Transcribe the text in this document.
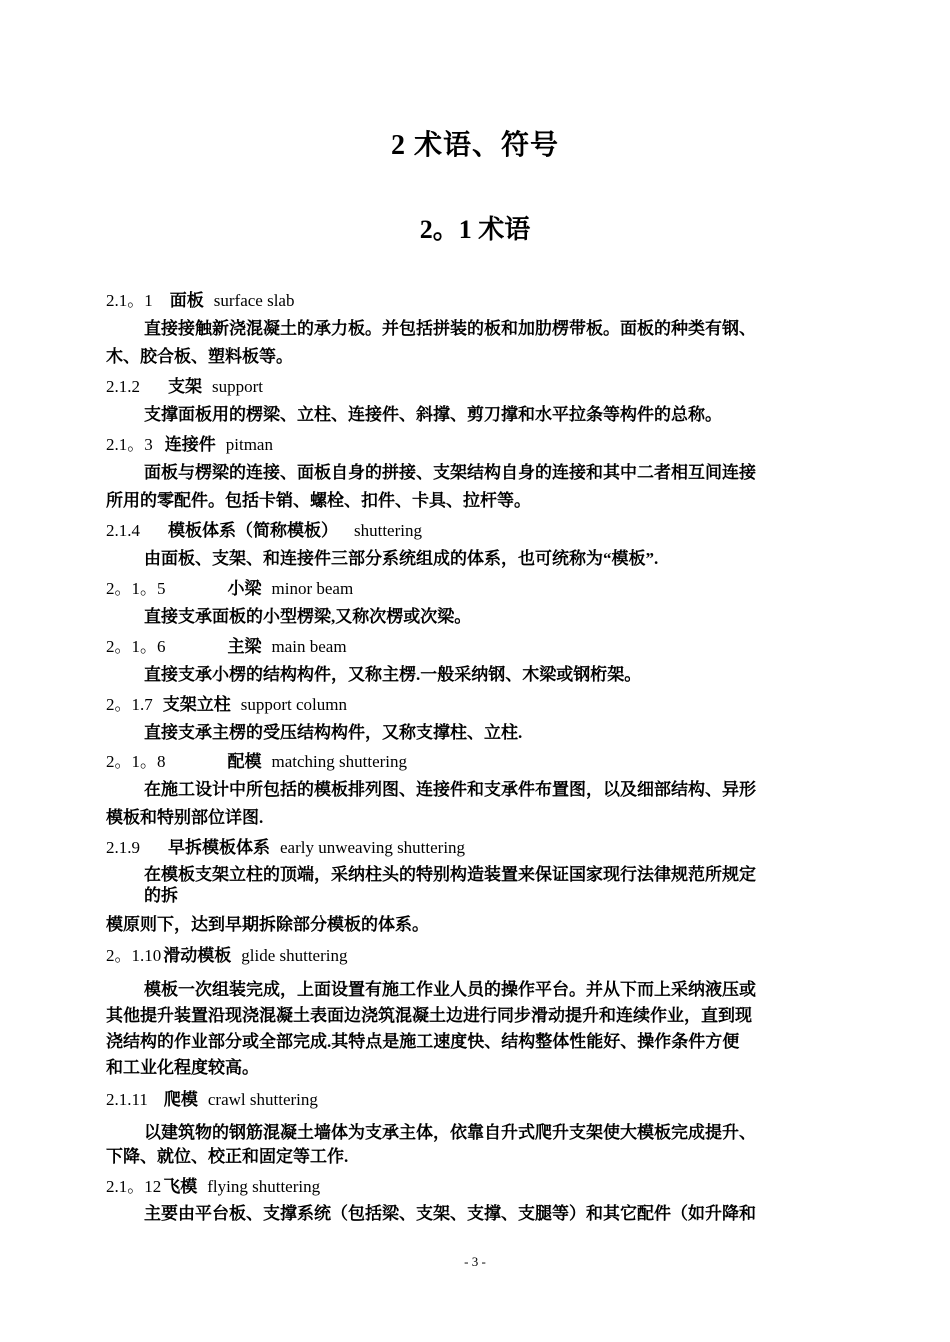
2 术语、符号
2。1 术语
2.1。1 面板 surface slab
直接接触新浇混凝土的承力板。并包括拼装的板和加肋楞带板。面板的种类有钢、
木、胶合板、塑料板等。
2.1.2 支架 support
支撑面板用的楞梁、立柱、连接件、斜撑、剪刀撑和水平拉条等构件的总称。
2.1。3 连接件 pitman
面板与楞梁的连接、面板自身的拼接、支架结构自身的连接和其中二者相互间连接
所用的零配件。包括卡销、螺栓、扣件、卡具、拉杆等。
2.1.4 模板体系（简称模板） shuttering
由面板、支架、和连接件三部分系统组成的体系，也可统称为“模板”.
2。1。5	小梁 minor beam
直接支承面板的小型楞梁,又称次楞或次梁。
2。1。6	主梁 main beam
直接支承小楞的结构构件，又称主楞.一般采纳钢、木梁或钢桁架。
2。1.7 支架立柱 support column
直接支承主楞的受压结构构件，又称支撑柱、立柱.
2。1。8	配模 matching shuttering
在施工设计中所包括的模板排列图、连接件和支承件布置图，以及细部结构、异形
模板和特别部位详图.
2.1.9 早拆模板体系 early unweaving shuttering
在模板支架立柱的顶端，采纳柱头的特别构造装置来保证国家现行法律规范所规定
的拆
模原则下，达到早期拆除部分模板的体系。
2。1.10 滑动模板 glide shuttering
模板一次组装完成，上面设置有施工作业人员的操作平台。并从下而上采纳液压或
其他提升装置沿现浇混凝土表面边浇筑混凝土边进行同步滑动提升和连续作业，直到现
浇结构的作业部分或全部完成.其特点是施工速度快、结构整体性能好、操作条件方便
和工业化程度较高。
2.1.11 爬模 crawl shuttering
以建筑物的钢筋混凝土墙体为支承主体，依靠自升式爬升支架使大模板完成提升、
下降、就位、校正和固定等工作.
2.1。12 飞模 flying shuttering
主要由平台板、支撑系统（包括梁、支架、支撑、支腿等）和其它配件（如升降和
- 3 -
